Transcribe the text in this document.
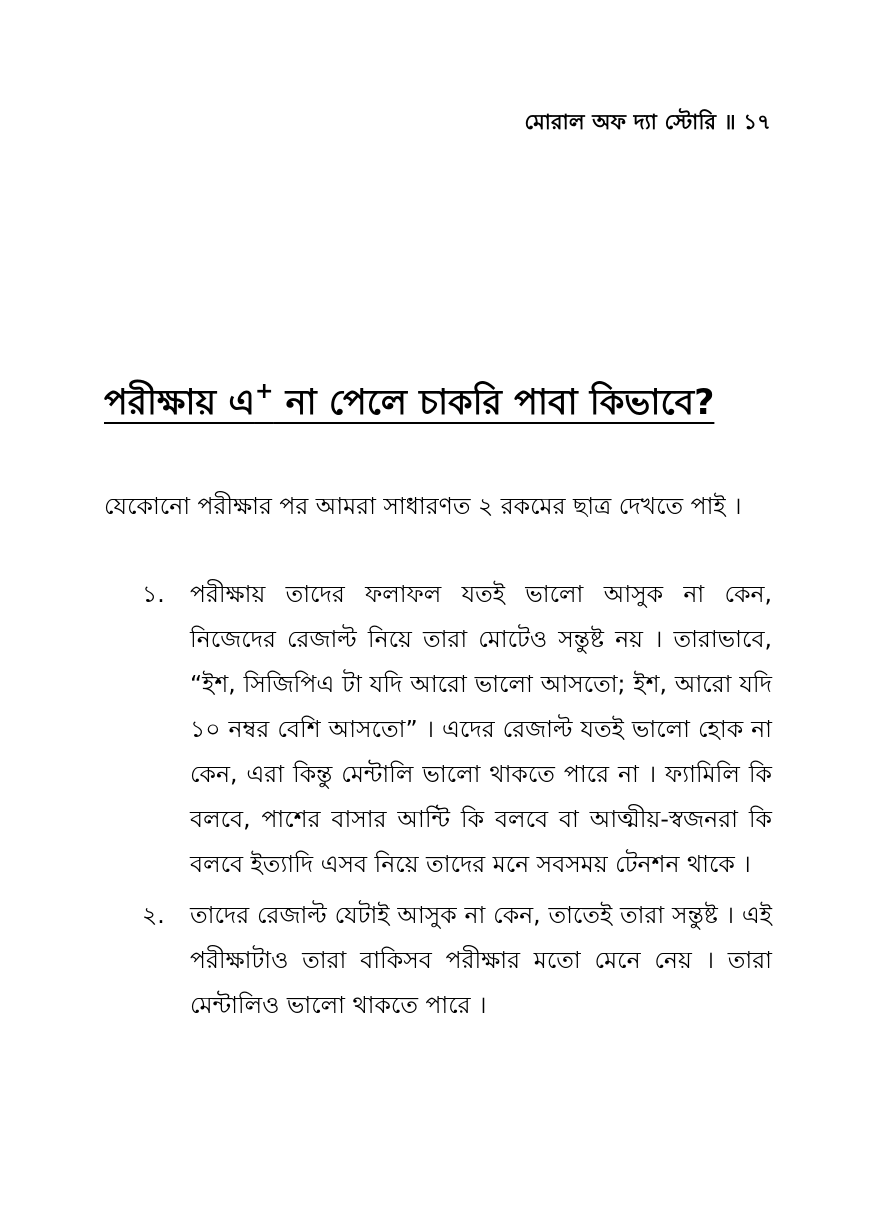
মোরাল অফ দ্যা স্টোরি ॥ ১৭
পরীক্ষায় এ+ না পেলে চাকরি পাবা কিভাবে?

যেকোনো পরীক্ষার পর আমরা সাধারণত ২ রকমের ছাত্র দেখতে পাই ।

১. পরীক্ষায় তাদের ফলাফল যতই ভালো আসুক না কেন, নিজেদের রেজাল্ট নিয়ে তারা মোটেও সন্তুষ্ট নয় । তারাভাবে, “ইশ, সিজিপিএ টা যদি আরো ভালো আসতো; ইশ, আরো যদি ১০ নম্বর বেশি আসতো” । এদের রেজাল্ট যতই ভালো হোক না কেন, এরা কিন্তু মেন্টালি ভালো থাকতে পারে না । ফ্যামিলি কি বলবে, পাশের বাসার আন্টি কি বলবে বা আত্মীয়-স্বজনরা কি বলবে ইত্যাদি এসব নিয়ে তাদের মনে সবসময় টেনশন থাকে ।
২. তাদের রেজাল্ট যেটাই আসুক না কেন, তাতেই তারা সন্তুষ্ট । এই পরীক্ষাটাও তারা বাকিসব পরীক্ষার মতো মেনে নেয় । তারা মেন্টালিও ভালো থাকতে পারে ।
